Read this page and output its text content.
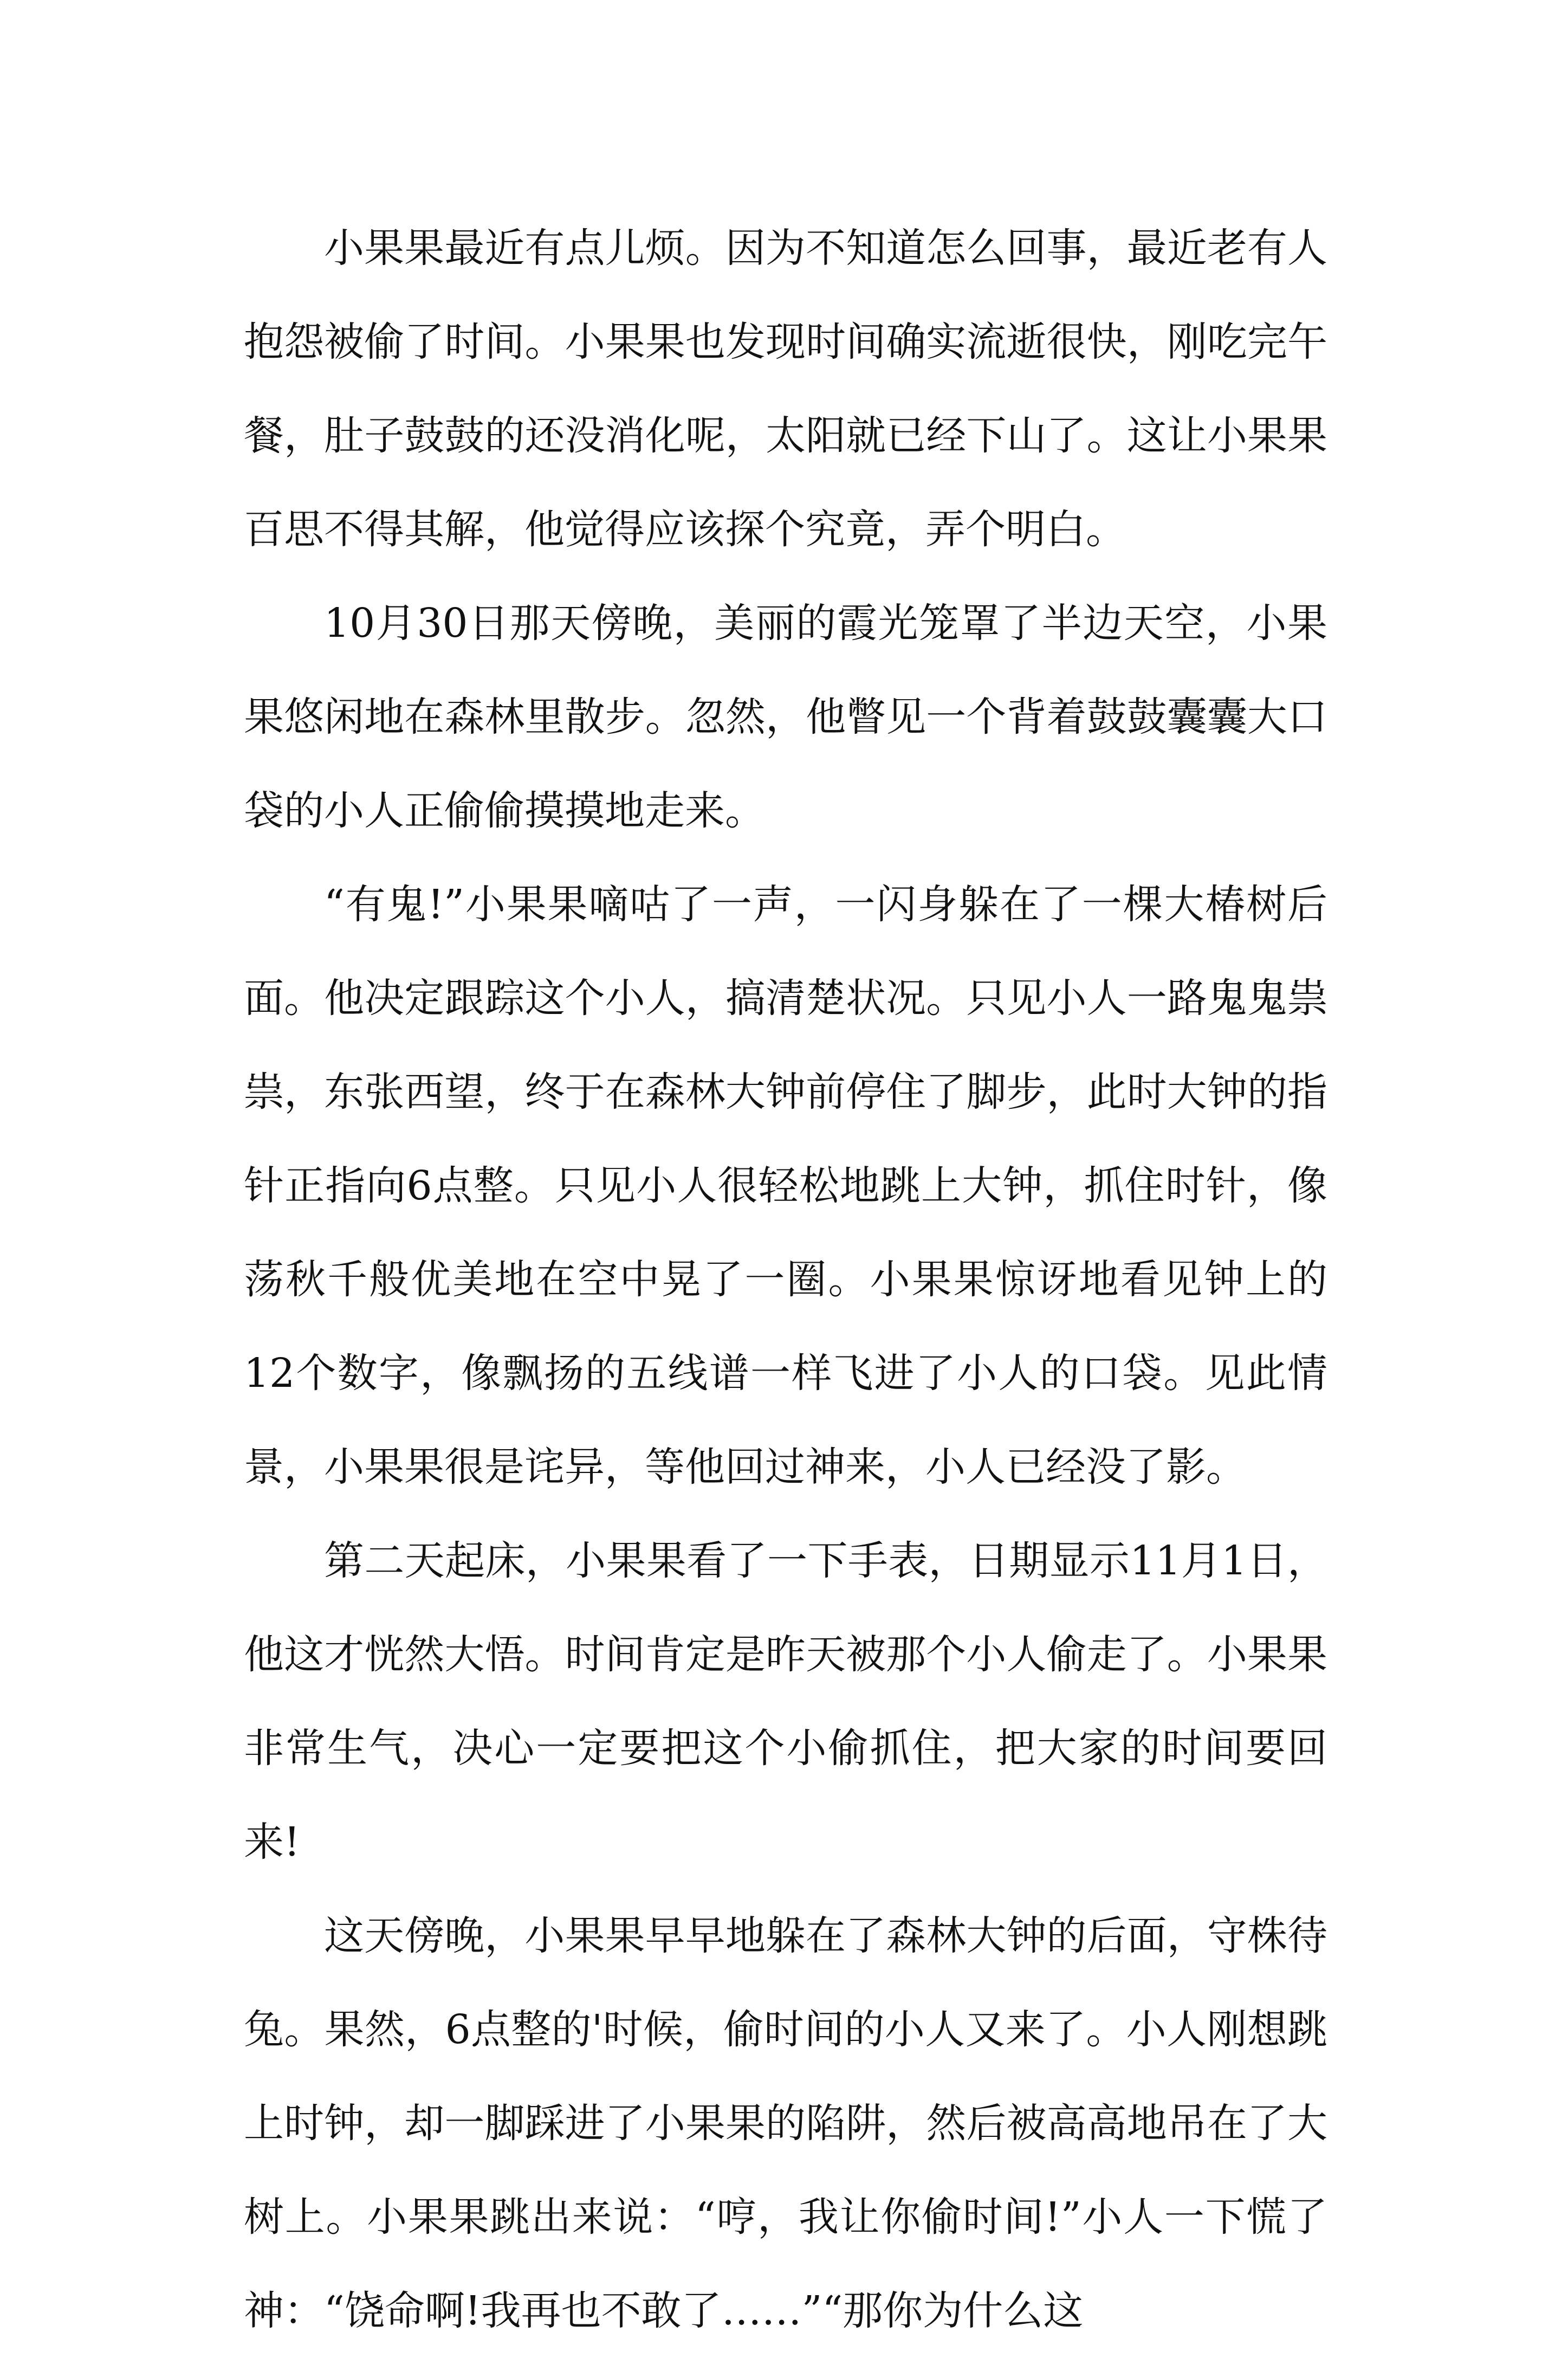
小果果最近有点儿烦。因为不知道怎么回事，最近老有人抱怨被偷了时间。小果果也发现时间确实流逝很快，刚吃完午餐，肚子鼓鼓的还没消化呢，太阳就已经下山了。这让小果果百思不得其解，他觉得应该探个究竟，弄个明白。

10月30日那天傍晚，美丽的霞光笼罩了半边天空，小果果悠闲地在森林里散步。忽然，他瞥见一个背着鼓鼓囊囊大口袋的小人正偷偷摸摸地走来。

“有鬼!”小果果嘀咕了一声，一闪身躲在了一棵大椿树后面。他决定跟踪这个小人，搞清楚状况。只见小人一路鬼鬼祟祟，东张西望，终于在森林大钟前停住了脚步，此时大钟的指针正指向6点整。只见小人很轻松地跳上大钟，抓住时针，像荡秋千般优美地在空中晃了一圈。小果果惊讶地看见钟上的12个数字，像飘扬的五线谱一样飞进了小人的口袋。见此情景，小果果很是诧异，等他回过神来，小人已经没了影。

第二天起床，小果果看了一下手表，日期显示11月1日，他这才恍然大悟。时间肯定是昨天被那个小人偷走了。小果果非常生气，决心一定要把这个小偷抓住，把大家的时间要回来!

这天傍晚，小果果早早地躲在了森林大钟的后面，守株待兔。果然，6点整的'时候，偷时间的小人又来了。小人刚想跳上时钟，却一脚踩进了小果果的陷阱，然后被高高地吊在了大树上。小果果跳出来说：“哼，我让你偷时间!”小人一下慌了神：“饶命啊!我再也不敢了……”“那你为什么这
